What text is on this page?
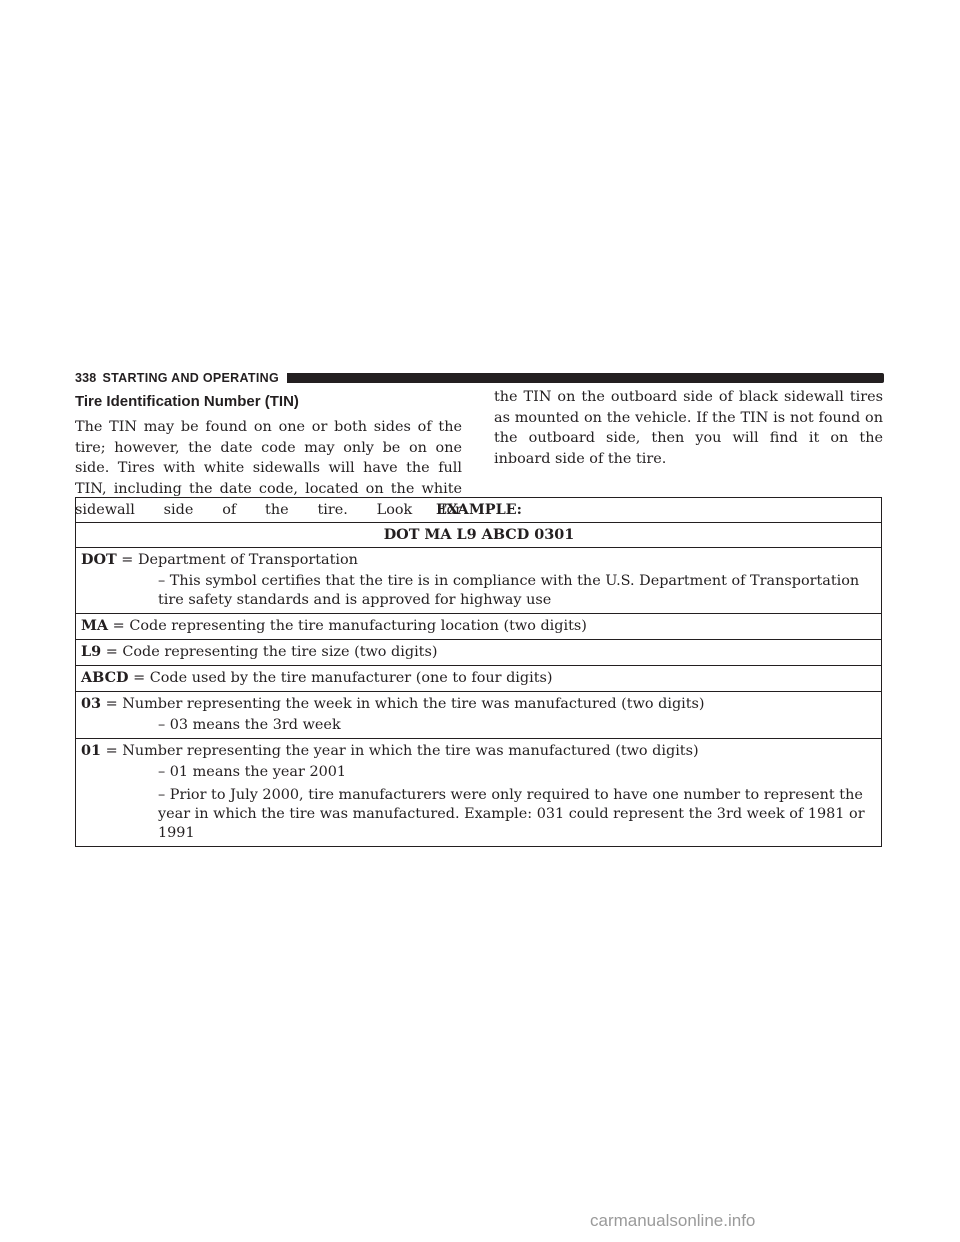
338 STARTING AND OPERATING
Tire Identification Number (TIN)
The TIN may be found on one or both sides of the tire; however, the date code may only be on one side. Tires with white sidewalls will have the full TIN, including the date code, located on the white sidewall side of the tire. Look for
the TIN on the outboard side of black sidewall tires as mounted on the vehicle. If the TIN is not found on the outboard side, then you will find it on the inboard side of the tire.
EXAMPLE:
DOT MA L9 ABCD 0301
DOT = Department of Transportation
– This symbol certifies that the tire is in compliance with the U.S. Department of Transportation tire safety standards and is approved for highway use

MA = Code representing the tire manufacturing location (two digits)
L9 = Code representing the tire size (two digits)
ABCD = Code used by the tire manufacturer (one to four digits)
03 = Number representing the week in which the tire was manufactured (two digits)
– 03 means the 3rd week

01 = Number representing the year in which the tire was manufactured (two digits)
– 01 means the year 2001
– Prior to July 2000, tire manufacturers were only required to have one number to represent the year in which the tire was manufactured. Example: 031 could represent the 3rd week of 1981 or 1991
carmanualsonline.info
